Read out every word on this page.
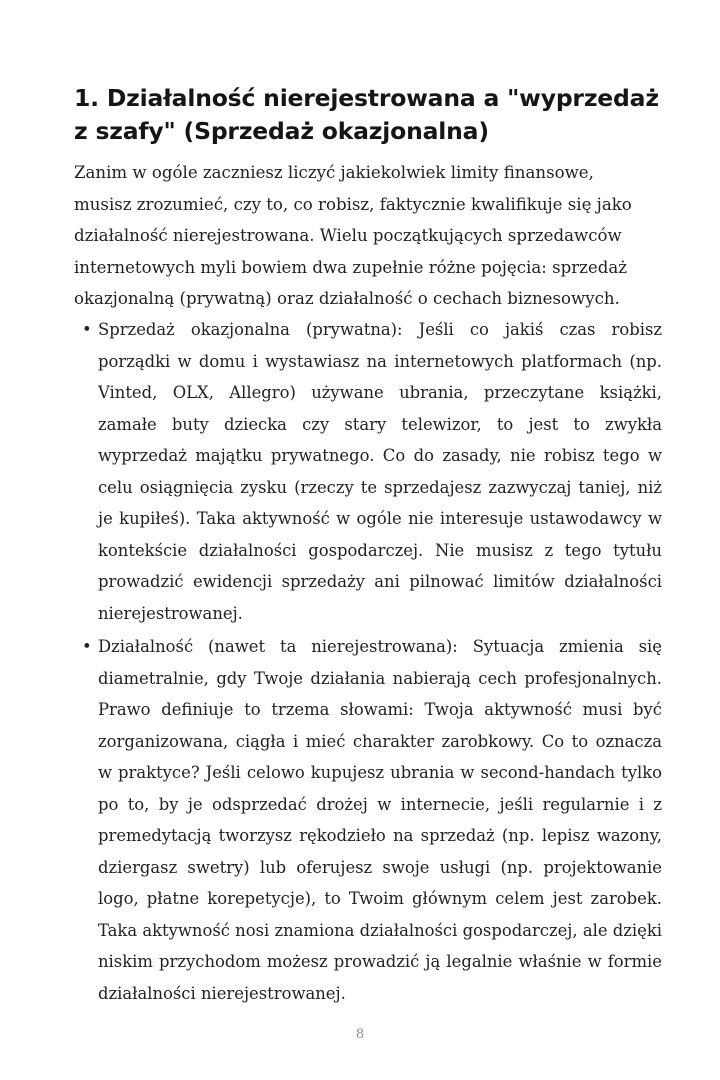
1. Działalność nierejestrowana a "wyprzedaż z szafy" (Sprzedaż okazjonalna)

Zanim w ogóle zaczniesz liczyć jakiekolwiek limity finansowe, musisz zrozumieć, czy to, co robisz, faktycznie kwalifikuje się jako działalność nierejestrowana. Wielu początkujących sprzedawców internetowych myli bowiem dwa zupełnie różne pojęcia: sprzedaż okazjonalną (prywatną) oraz działalność o cechach biznesowych.

• Sprzedaż okazjonalna (prywatna): Jeśli co jakiś czas robisz porządki w domu i wystawiasz na internetowych platformach (np. Vinted, OLX, Allegro) używane ubrania, przeczytane książki, zamałe buty dziecka czy stary telewizor, to jest to zwykła wyprzedaż majątku prywatnego. Co do zasady, nie robisz tego w celu osiągnięcia zysku (rzeczy te sprzedajesz zazwyczaj taniej, niż je kupiłeś). Taka aktywność w ogóle nie interesuje ustawodawcy w kontekście działalności gospodarczej. Nie musisz z tego tytułu prowadzić ewidencji sprzedaży ani pilnować limitów działalności nierejestrowanej.
• Działalność (nawet ta nierejestrowana): Sytuacja zmienia się diametralnie, gdy Twoje działania nabierają cech profesjonalnych. Prawo definiuje to trzema słowami: Twoja aktywność musi być zorganizowana, ciągła i mieć charakter zarobkowy. Co to oznacza w praktyce? Jeśli celowo kupujesz ubrania w second-handach tylko po to, by je odsprzedać drożej w internecie, jeśli regularnie i z premedytacją tworzysz rękodzieło na sprzedaż (np. lepisz wazony, dziergasz swetry) lub oferujesz swoje usługi (np. projektowanie logo, płatne korepetycje), to Twoim głównym celem jest zarobek. Taka aktywność nosi znamiona działalności gospodarczej, ale dzięki niskim przychodom możesz prowadzić ją legalnie właśnie w formie działalności nierejestrowanej.
8
